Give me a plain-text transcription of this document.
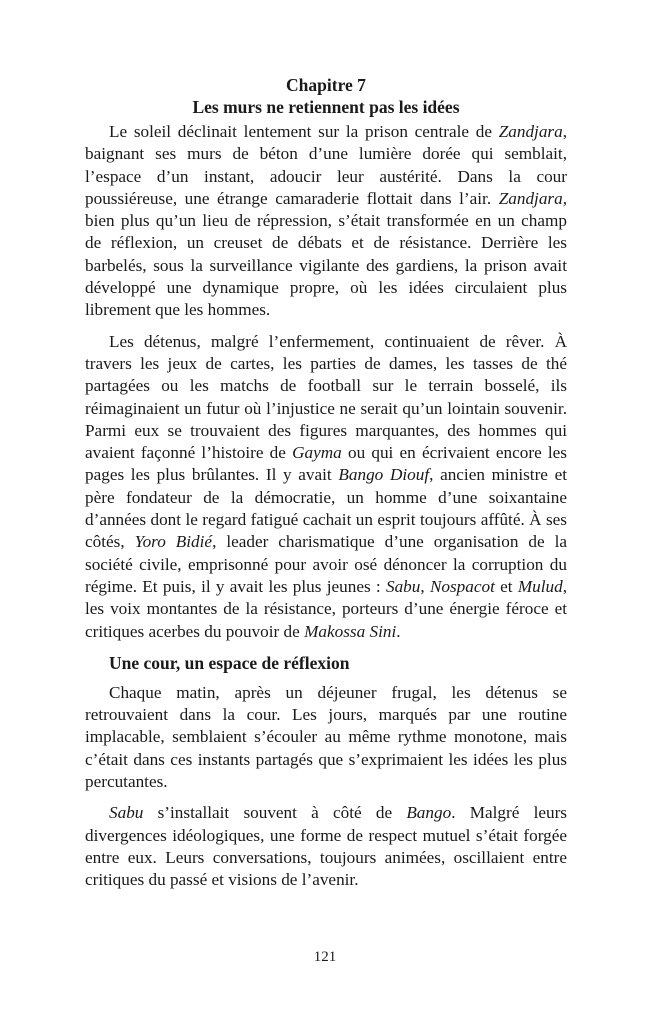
Chapitre 7
Les murs ne retiennent pas les idées

Le soleil déclinait lentement sur la prison centrale de Zandjara, baignant ses murs de béton d’une lumière dorée qui semblait, l’espace d’un instant, adoucir leur austérité. Dans la cour poussiéreuse, une étrange camaraderie flottait dans l’air. Zandjara, bien plus qu’un lieu de répression, s’était transformée en un champ de réflexion, un creuset de débats et de résistance. Derrière les barbelés, sous la surveillance vigilante des gardiens, la prison avait développé une dynamique propre, où les idées circulaient plus librement que les hommes.

Les détenus, malgré l’enfermement, continuaient de rêver. À travers les jeux de cartes, les parties de dames, les tasses de thé partagées ou les matchs de football sur le terrain bosselé, ils réimaginaient un futur où l’injustice ne serait qu’un lointain souvenir. Parmi eux se trouvaient des figures marquantes, des hommes qui avaient façonné l’histoire de Gayma ou qui en écrivaient encore les pages les plus brûlantes. Il y avait Bango Diouf, ancien ministre et père fondateur de la démocratie, un homme d’une soixantaine d’années dont le regard fatigué cachait un esprit toujours affûté. À ses côtés, Yoro Bidié, leader charismatique d’une organisation de la société civile, emprisonné pour avoir osé dénoncer la corruption du régime. Et puis, il y avait les plus jeunes : Sabu, Nospacot et Mulud, les voix montantes de la résistance, porteurs d’une énergie féroce et critiques acerbes du pouvoir de Makossa Sini.

Une cour, un espace de réflexion

Chaque matin, après un déjeuner frugal, les détenus se retrouvaient dans la cour. Les jours, marqués par une routine implacable, semblaient s’écouler au même rythme monotone, mais c’était dans ces instants partagés que s’exprimaient les idées les plus percutantes.

Sabu s’installait souvent à côté de Bango. Malgré leurs divergences idéologiques, une forme de respect mutuel s’était forgée entre eux. Leurs conversations, toujours animées, oscillaient entre critiques du passé et visions de l’avenir.

121
